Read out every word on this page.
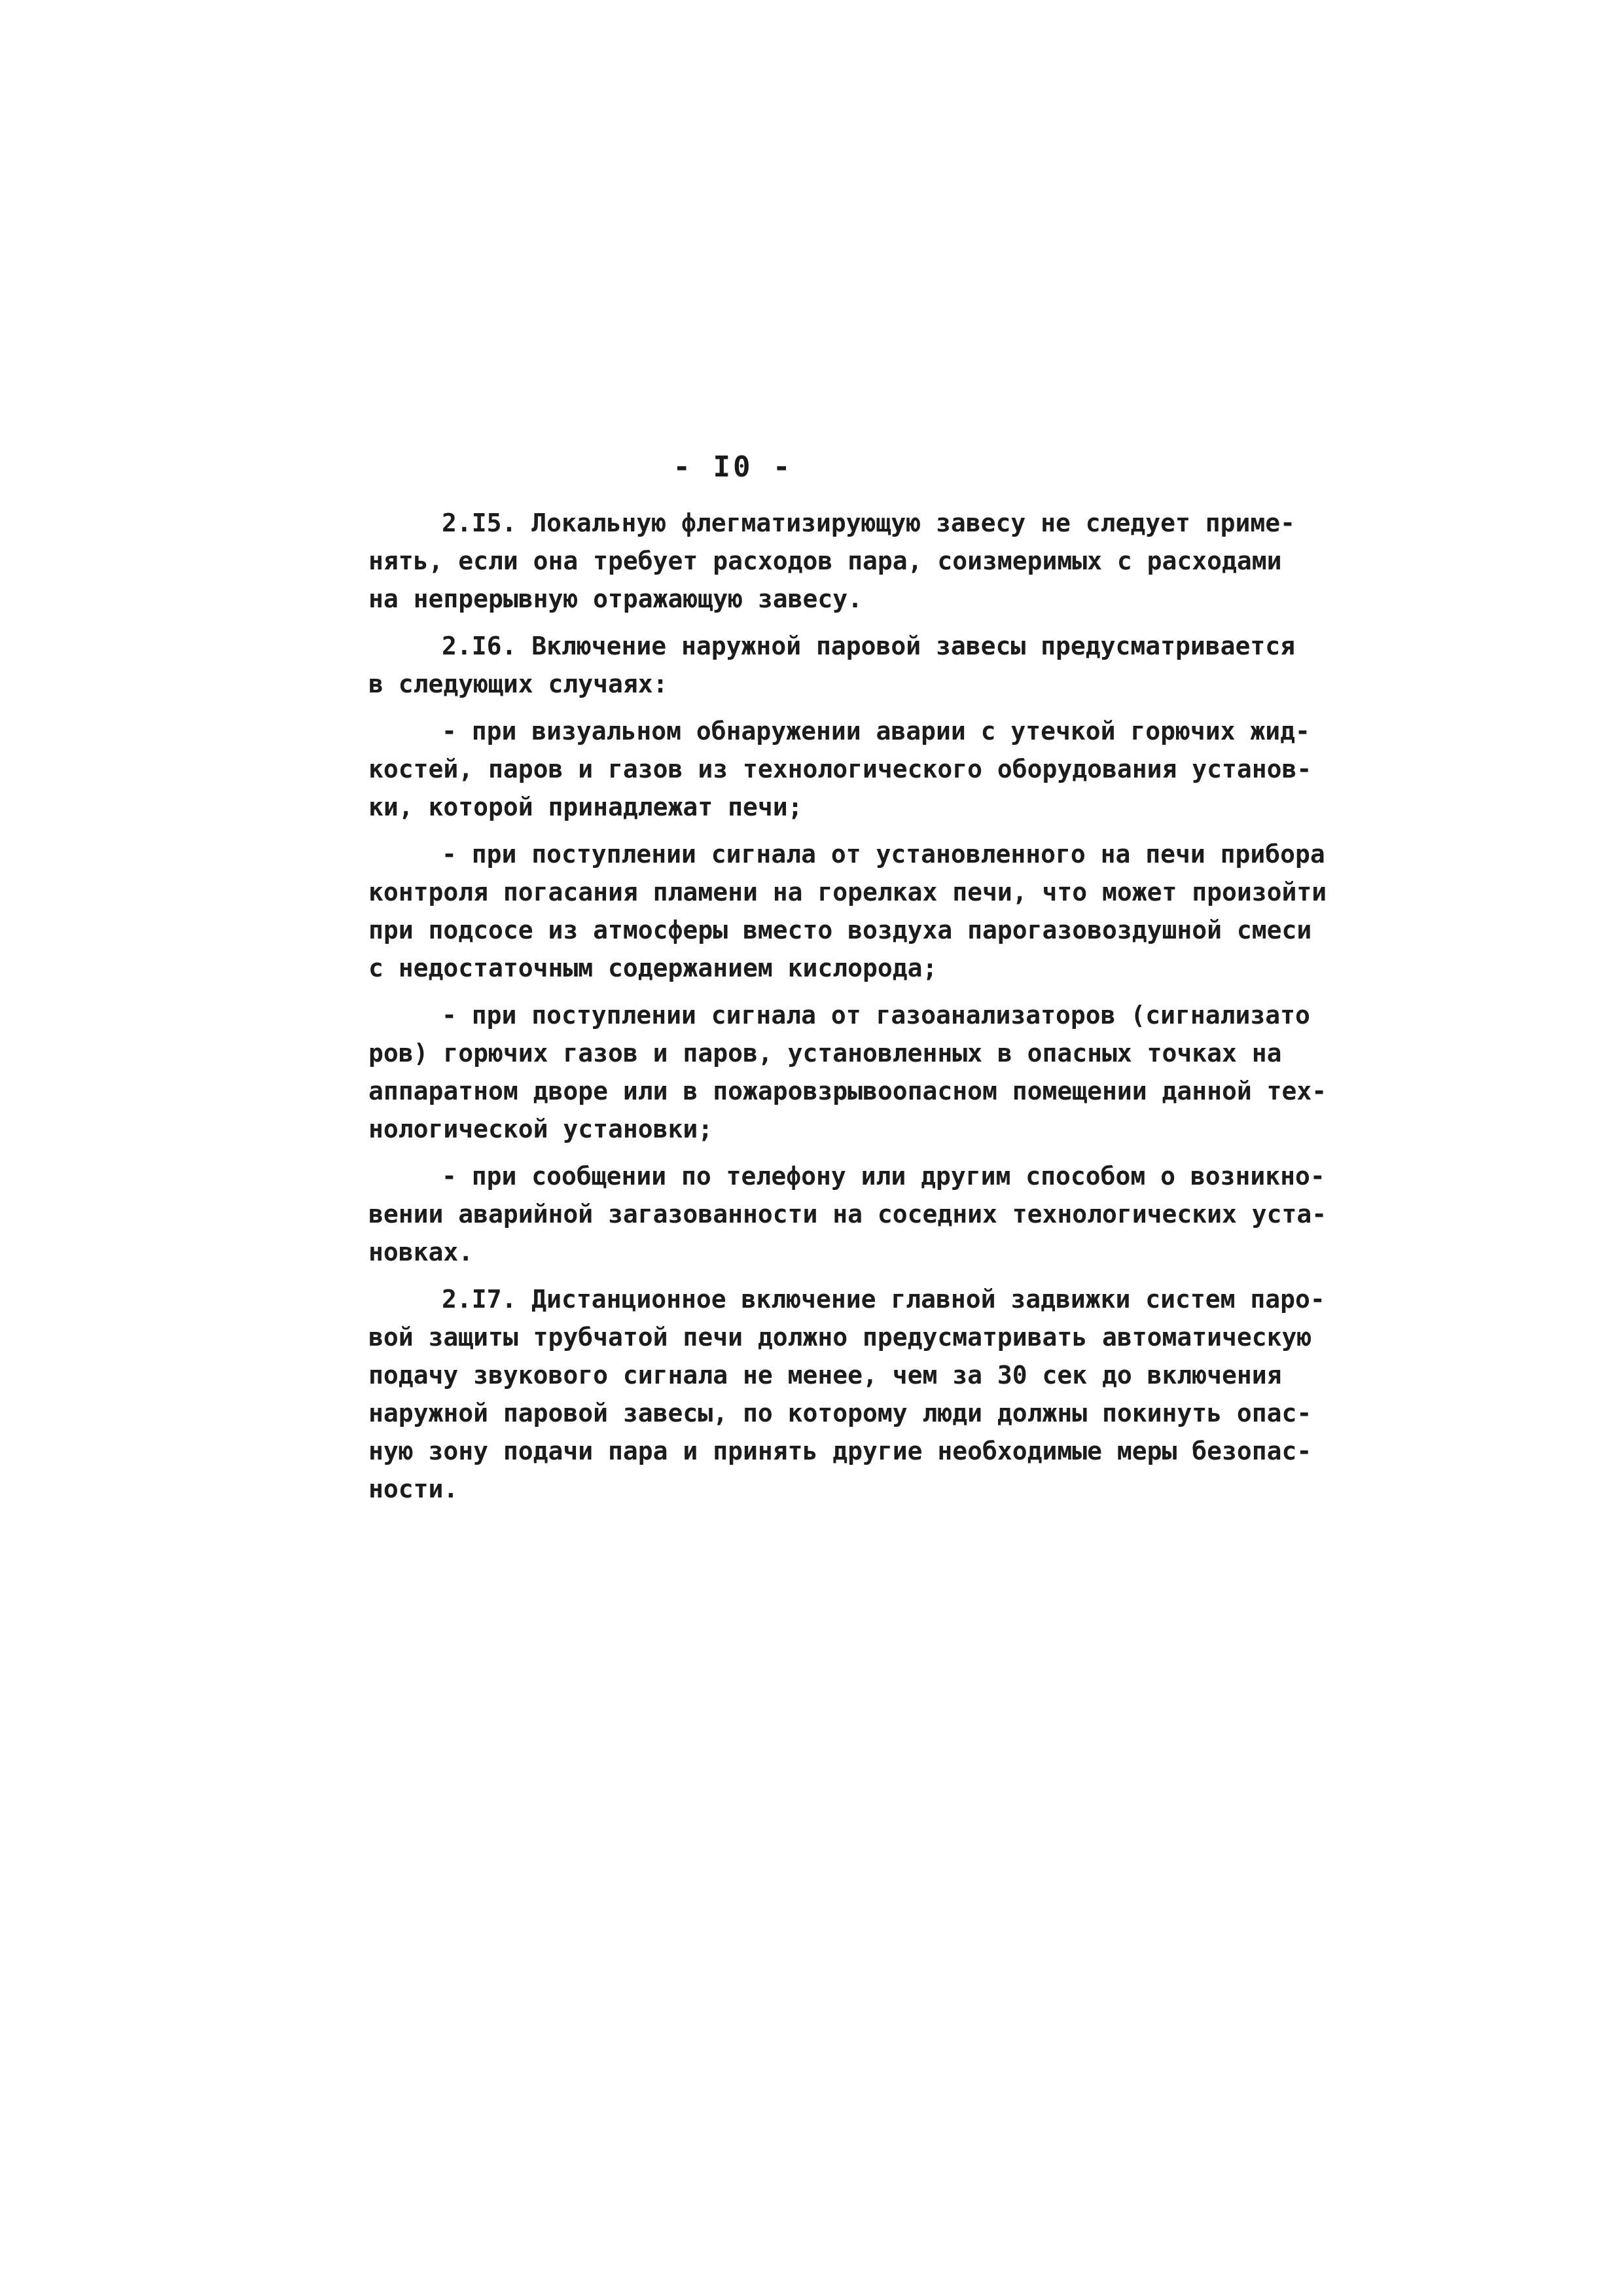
- I0 -
2.I5. Локальную флегматизирующую завесу не следует приме-
нять, если она требует расходов пара, соизмеримых с расходами
на непрерывную отражающую завесу.
2.I6. Включение наружной паровой завесы предусматривается
в следующих случаях:
- при визуальном обнаружении аварии с утечкой горючих жид-
костей, паров и газов из технологического оборудования установ-
ки, которой принадлежат печи;
- при поступлении сигнала от установленного на печи прибора
контроля погасания пламени на горелках печи, что может произойти
при подсосе из атмосферы вместо воздуха парогазовоздушной смеси
с недостаточным содержанием кислорода;
- при поступлении сигнала от газоанализаторов (сигнализато
ров) горючих газов и паров, установленных в опасных точках на
аппаратном дворе или в пожаровзрывоопасном помещении данной тех-
нологической установки;
- при сообщении по телефону или другим способом о возникно-
вении аварийной загазованности на соседних технологических уста-
новках.
2.I7. Дистанционное включение главной задвижки систем паро-
вой защиты трубчатой печи должно предусматривать автоматическую
подачу звукового сигнала не менее, чем за 30 сек до включения
наружной паровой завесы, по которому люди должны покинуть опас-
ную зону подачи пара и принять другие необходимые меры безопас-
ности.
